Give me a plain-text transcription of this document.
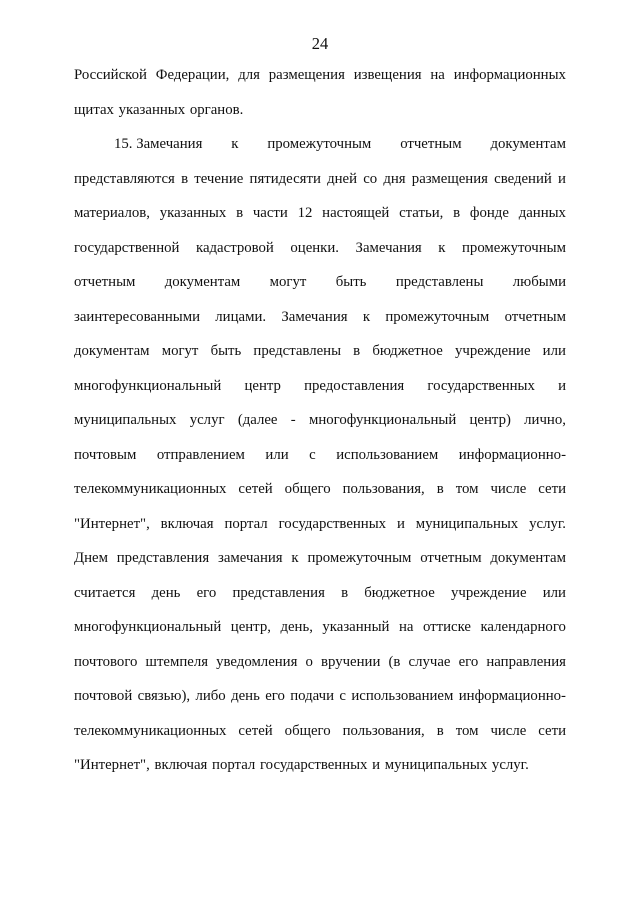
24
Российской Федерации, для размещения извещения на информационных
щитах указанных органов.
15. Замечания к промежуточным отчетным документам
представляются в течение пятидесяти дней со дня размещения сведений и
материалов, указанных в части 12 настоящей статьи, в фонде данных
государственной кадастровой оценки. Замечания к промежуточным
отчетным документам могут быть представлены любыми
заинтересованными лицами. Замечания к промежуточным отчетным
документам могут быть представлены в бюджетное учреждение или
многофункциональный центр предоставления государственных и
муниципальных услуг (далее - многофункциональный центр) лично,
почтовым отправлением или с использованием информационно-
телекоммуникационных сетей общего пользования, в том числе сети
"Интернет", включая портал государственных и муниципальных услуг.
Днем представления замечания к промежуточным отчетным документам
считается день его представления в бюджетное учреждение или
многофункциональный центр, день, указанный на оттиске календарного
почтового штемпеля уведомления о вручении (в случае его направления
почтовой связью), либо день его подачи с использованием информационно-
телекоммуникационных сетей общего пользования, в том числе сети
"Интернет", включая портал государственных и муниципальных услуг.
